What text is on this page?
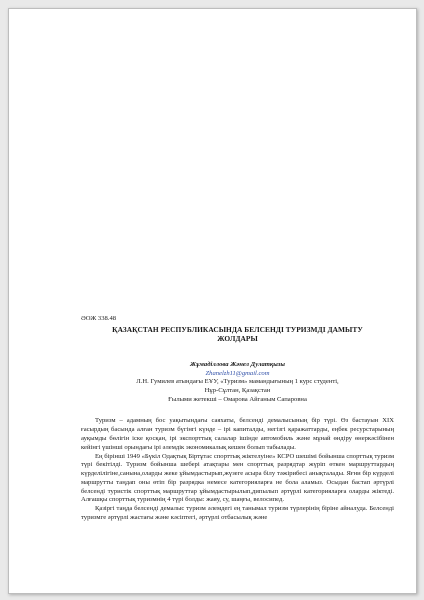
ӘОЖ 338.48

ҚАЗАҚСТАН РЕСПУБЛИКАСЫНДА БЕЛСЕНДІ ТУРИЗМДІ ДАМЫТУ
ЖОЛДАРЫ

Жұмаділлова Жәнел Дулатқызы

Zhanelzh11@gmail.com

Л.Н. Гумилев атындағы ЕҰУ, «Туризм» мамандығының 1 курс студенті,

Нұр-Сұлтан, Қазақстан

Ғылыми жетекші – Омарова Айганым Сапаровна

Туризм – адамның бос уақытындағы саяхаты, белсенді демалысының бір түрі. Өз бастауын XIX ғасырдың басында алған туризм бүгінгі күнде – ірі капиталды, негізгі қаражаттарды, еңбек ресурстарының ауқымды бөлігін іске қосқан, ірі экспорттық салалар ішінде автомобиль және мұнай өндіру өнеркәсібінен кейінгі үшінші орындағы ірі әлемдік экономикалық кешен болып табылады.

Ең бірінші 1949 «Бүкіл Одақтық Біртұтас спорттық жіктелуіне» КСРО шешімі бойынша спорттық туризм түрі бекітілді. Туризм бойынша шебері атақтары мен спорттық разрядтар жүріп өткен маршруттардың күрделілігіне,санына,оларды жеке ұйымдастырып,жүзеге асыра білу тәжірибесі анықталады. Яғни бір күрделі маршрутты таңдап оны өтіп бір разрядка немесе категорияларға не бола аламыз. Осыдан бастап әртүрлі белсенді туристік спорттық маршруттар ұйымдастырылып,дипылып әртүрлі категорияларға оларды жіктеді. Алғашқы спорттық туризмнің 4 түрі болды: жаяу, су, шаңғы, велосипед.

Қазіргі таңда белсенді демалыс туризм әлемдегі ең танымал туризм түрлерінің біріне айналуда. Белсенді туризмге әртүрлі жастағы және кәсіптегі, әртүрлі отбасылық және
